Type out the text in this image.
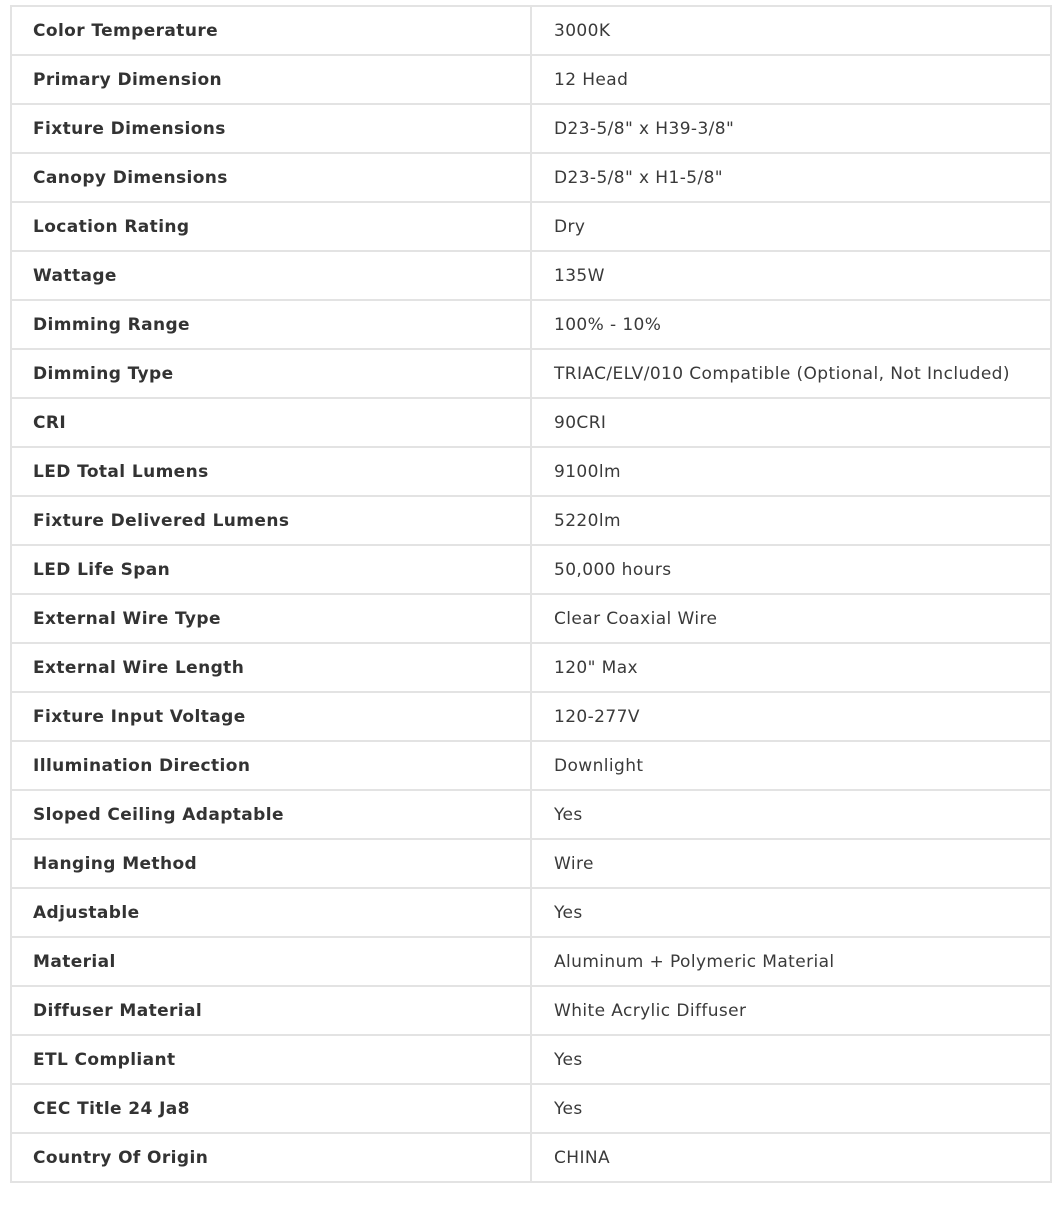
Color Temperature	3000K
Primary Dimension	12 Head
Fixture Dimensions	D23-5/8" x H39-3/8"
Canopy Dimensions	D23-5/8" x H1-5/8"
Location Rating	Dry
Wattage	135W
Dimming Range	100% - 10%
Dimming Type	TRIAC/ELV/010 Compatible (Optional, Not Included)
CRI	90CRI
LED Total Lumens	9100lm
Fixture Delivered Lumens	5220lm
LED Life Span	50,000 hours
External Wire Type	Clear Coaxial Wire
External Wire Length	120" Max
Fixture Input Voltage	120-277V
Illumination Direction	Downlight
Sloped Ceiling Adaptable	Yes
Hanging Method	Wire
Adjustable	Yes
Material	Aluminum + Polymeric Material
Diffuser Material	White Acrylic Diffuser
ETL Compliant	Yes
CEC Title 24 Ja8	Yes
Country Of Origin	CHINA
